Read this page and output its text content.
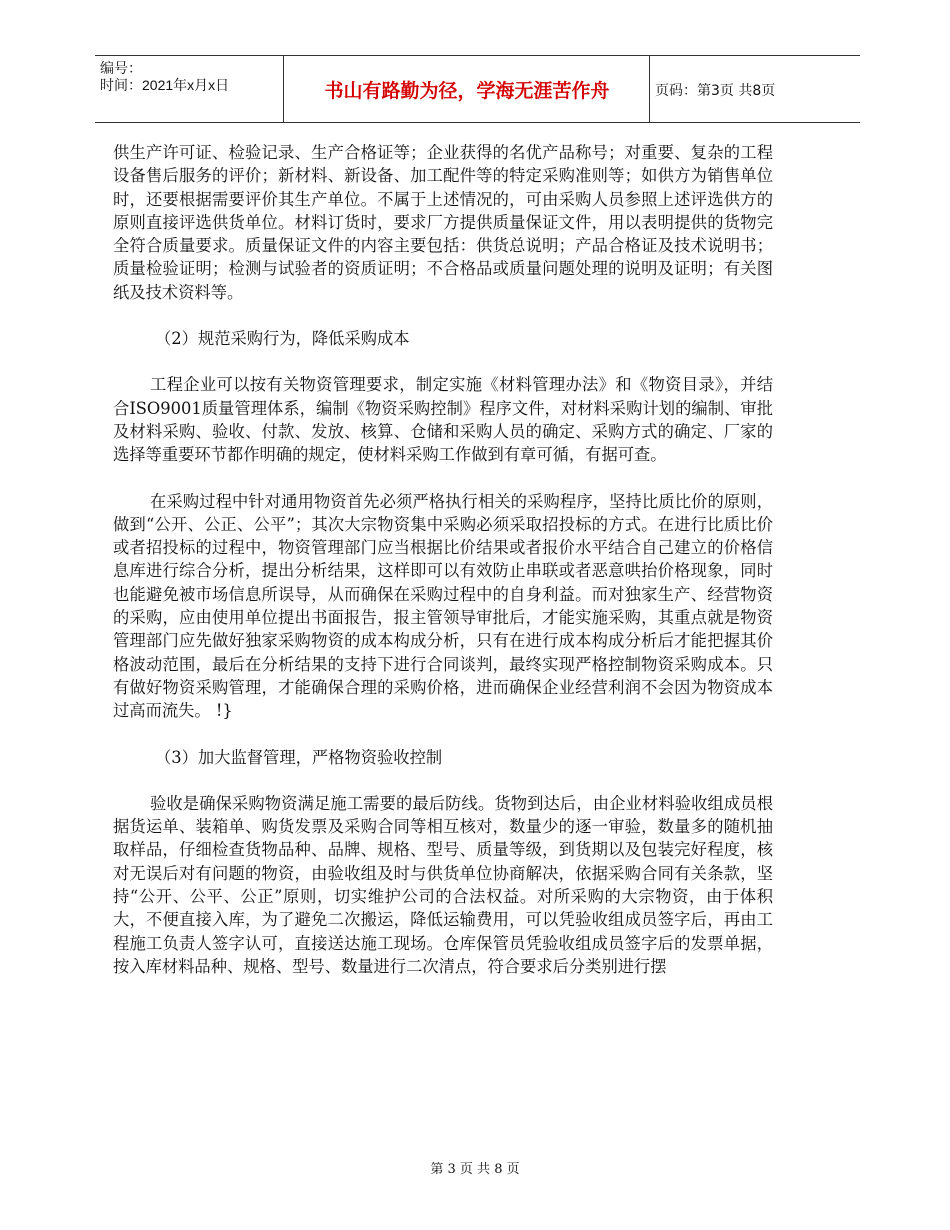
编号：
时间：2021年x月x日	书山有路勤为径，学海无涯苦作舟	页码：第3页 共8页

供生产许可证、检验记录、生产合格证等；企业获得的名优产品称号；对重要、复杂的工程设备售后服务的评价；新材料、新设备、加工配件等的特定采购准则等；如供方为销售单位时，还要根据需要评价其生产单位。不属于上述情况的，可由采购人员参照上述评选供方的原则直接评选供货单位。材料订货时，要求厂方提供质量保证文件，用以表明提供的货物完全符合质量要求。质量保证文件的内容主要包括：供货总说明；产品合格证及技术说明书；质量检验证明；检测与试验者的资质证明；不合格品或质量问题处理的说明及证明；有关图纸及技术资料等。

（2）规范采购行为，降低采购成本

工程企业可以按有关物资管理要求，制定实施《材料管理办法》和《物资目录》，并结合ISO9001质量管理体系，编制《物资采购控制》程序文件，对材料采购计划的编制、审批及材料采购、验收、付款、发放、核算、仓储和采购人员的确定、采购方式的确定、厂家的选择等重要环节都作明确的规定，使材料采购工作做到有章可循，有据可查。

在采购过程中针对通用物资首先必须严格执行相关的采购程序，坚持比质比价的原则，做到“公开、公正、公平”；其次大宗物资集中采购必须采取招投标的方式。在进行比质比价或者招投标的过程中，物资管理部门应当根据比价结果或者报价水平结合自己建立的价格信息库进行综合分析，提出分析结果，这样即可以有效防止串联或者恶意哄抬价格现象，同时也能避免被市场信息所误导，从而确保在采购过程中的自身利益。而对独家生产、经营物资的采购，应由使用单位提出书面报告，报主管领导审批后，才能实施采购，其重点就是物资管理部门应先做好独家采购物资的成本构成分析，只有在进行成本构成分析后才能把握其价格波动范围，最后在分析结果的支持下进行合同谈判，最终实现严格控制物资采购成本。只有做好物资采购管理，才能确保合理的采购价格，进而确保企业经营利润不会因为物资成本过高而流失。 !}

（3）加大监督管理，严格物资验收控制

验收是确保采购物资满足施工需要的最后防线。货物到达后，由企业材料验收组成员根据货运单、装箱单、购货发票及采购合同等相互核对，数量少的逐一审验，数量多的随机抽取样品，仔细检查货物品种、品牌、规格、型号、质量等级，到货期以及包装完好程度，核对无误后对有问题的物资，由验收组及时与供货单位协商解决，依据采购合同有关条款，坚持“公开、公平、公正”原则，切实维护公司的合法权益。对所采购的大宗物资，由于体积大，不便直接入库，为了避免二次搬运，降低运输费用，可以凭验收组成员签字后，再由工程施工负责人签字认可，直接送达施工现场。仓库保管员凭验收组成员签字后的发票单据，按入库材料品种、规格、型号、数量进行二次清点，符合要求后分类别进行摆

第 3 页 共 8 页
